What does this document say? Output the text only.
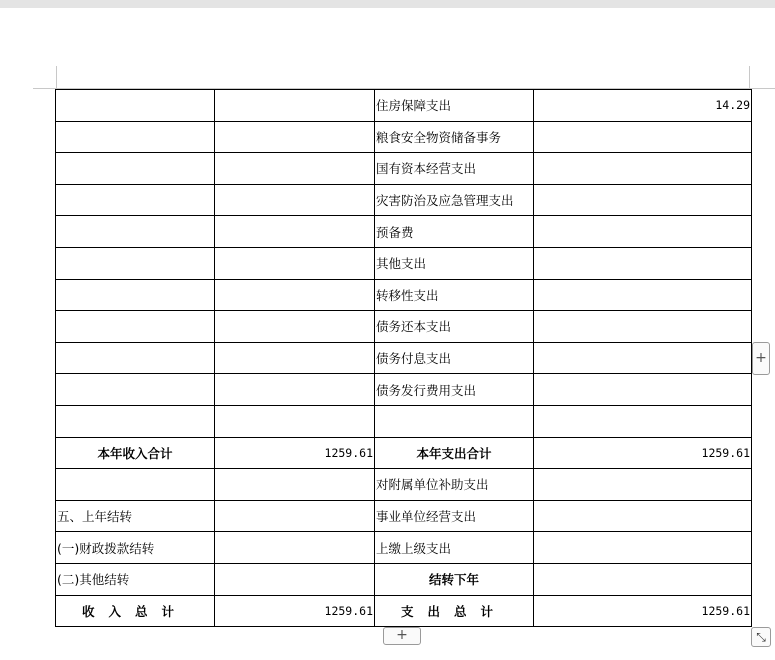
		住房保障支出	14.29
		粮食安全物资储备事务	
		国有资本经营支出	
		灾害防治及应急管理支出	
		预备费	
		其他支出	
		转移性支出	
		债务还本支出	
		债务付息支出	
		债务发行费用支出	

本年收入合计	1259.61	本年支出合计	1259.61
		对附属单位补助支出	
五、上年结转		事业单位经营支出	
(一)财政拨款结转		上缴上级支出	
(二)其他结转		结转下年	
收入总计	1259.61	支出总计	1259.61
+
+	⤡
